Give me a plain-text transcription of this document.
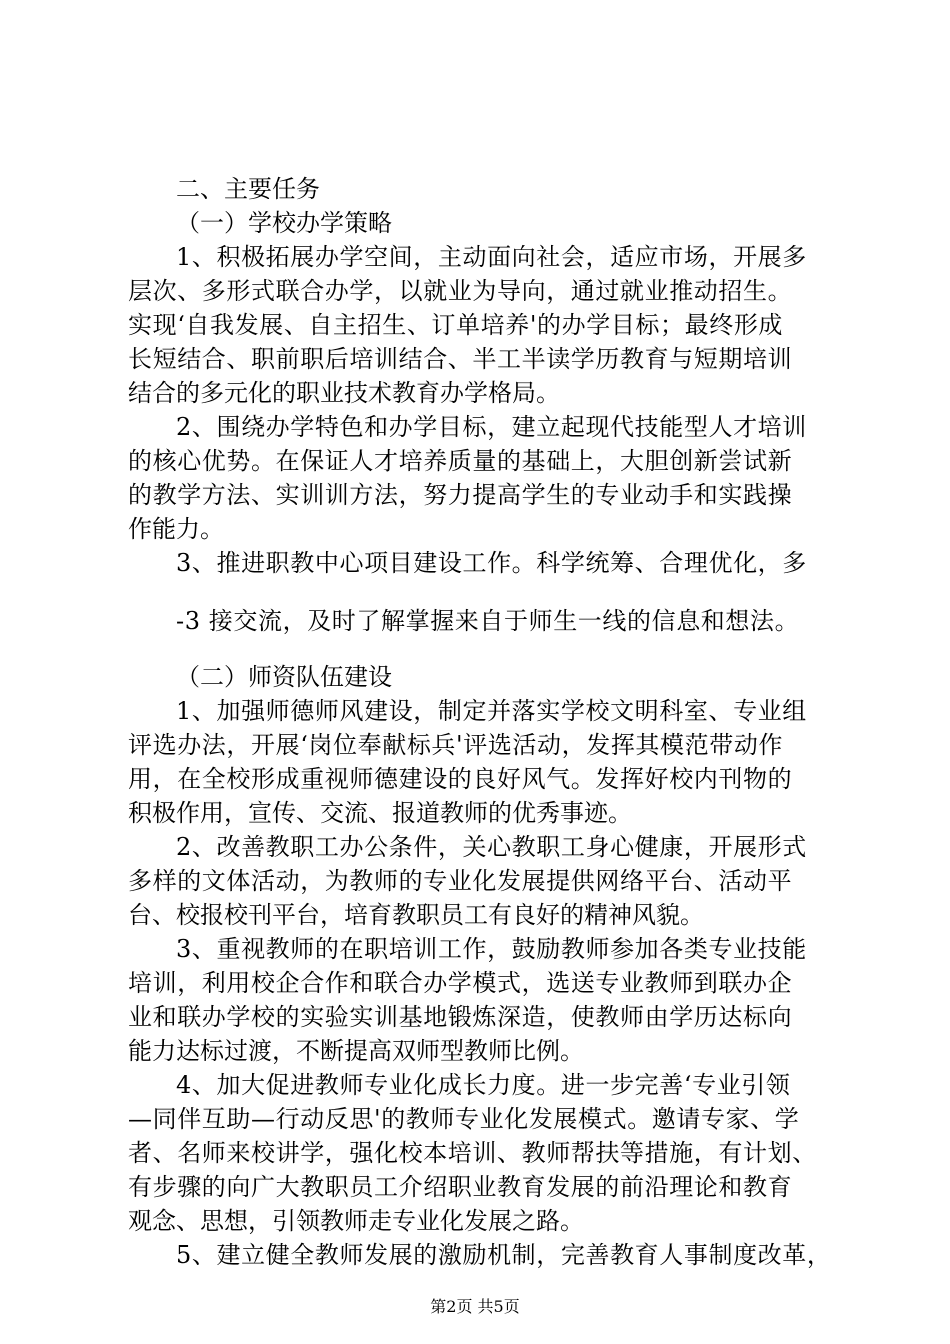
二、主要任务
（一）学校办学策略
1、积极拓展办学空间，主动面向社会，适应市场，开展多
层次、多形式联合办学，以就业为导向，通过就业推动招生。
实现‘自我发展、自主招生、订单培养'的办学目标；最终形成
长短结合、职前职后培训结合、半工半读学历教育与短期培训
结合的多元化的职业技术教育办学格局。
2、围绕办学特色和办学目标，建立起现代技能型人才培训
的核心优势。在保证人才培养质量的基础上，大胆创新尝试新
的教学方法、实训训方法，努力提高学生的专业动手和实践操
作能力。
3、推进职教中心项目建设工作。科学统筹、合理优化，多
-3 接交流，及时了解掌握来自于师生一线的信息和想法。
（二）师资队伍建设
1、加强师德师风建设，制定并落实学校文明科室、专业组
评选办法，开展‘岗位奉献标兵'评选活动，发挥其模范带动作
用，在全校形成重视师德建设的良好风气。发挥好校内刊物的
积极作用，宣传、交流、报道教师的优秀事迹。
2、改善教职工办公条件，关心教职工身心健康，开展形式
多样的文体活动，为教师的专业化发展提供网络平台、活动平
台、校报校刊平台，培育教职员工有良好的精神风貌。
3、重视教师的在职培训工作，鼓励教师参加各类专业技能
培训，利用校企合作和联合办学模式，选送专业教师到联办企
业和联办学校的实验实训基地锻炼深造，使教师由学历达标向
能力达标过渡，不断提高双师型教师比例。
4、加大促进教师专业化成长力度。进一步完善‘专业引领
—同伴互助—行动反思'的教师专业化发展模式。邀请专家、学
者、名师来校讲学，强化校本培训、教师帮扶等措施，有计划、
有步骤的向广大教职员工介绍职业教育发展的前沿理论和教育
观念、思想，引领教师走专业化发展之路。
5、建立健全教师发展的激励机制，完善教育人事制度改革，
第2页 共5页
